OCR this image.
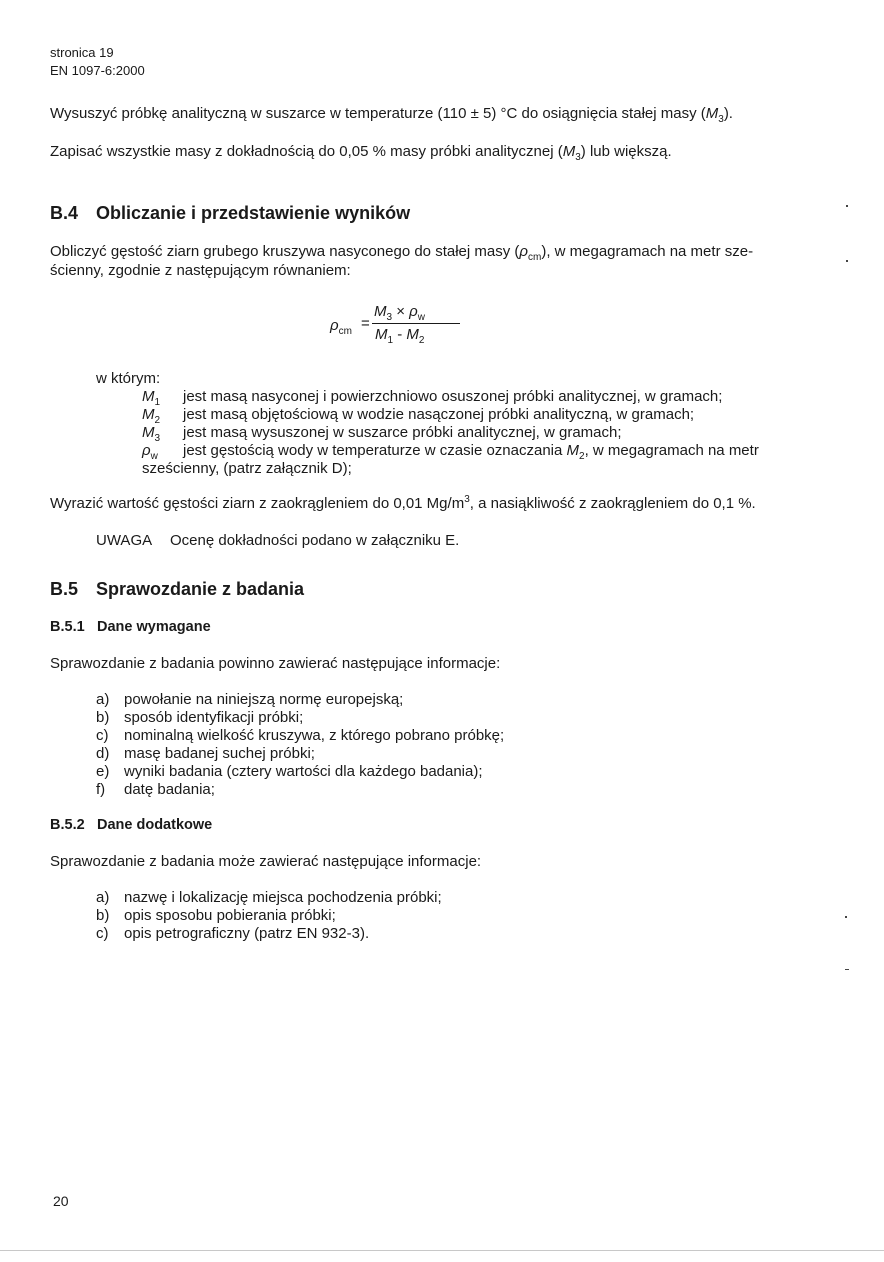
stronica 19
EN 1097-6:2000
Wysuszyć próbkę analityczną w suszarce w temperaturze (110 ± 5) °C do osiągnięcia stałej masy $(M_3)$.
Zapisać wszystkie masy z dokładnością do 0,05 % masy próbki analitycznej $(M_3)$ lub większą.
B.4 Obliczanie i przedstawienie wyników
Obliczyć gęstość ziarn grubego kruszywa nasyconego do stałej masy $(\rho_{cm})$, w megagramach na metr sze-
ścienny, zgodnie z następującym równaniem:
$\rho_{cm}$ =
$M_3 \times \rho_w$
$M_1 - M_2$
w którym:
$M_1$ jest masą nasyconej i powierzchniowo osuszonej próbki analitycznej, w gramach;
$M_2$ jest masą objętościową w wodzie nasączonej próbki analityczną, w gramach;
$M_3$ jest masą wysuszonej w suszarce próbki analitycznej, w gramach;
$\rho_w$ jest gęstością wody w temperaturze w czasie oznaczania $M_2$, w megagramach na metr
sześcienny, (patrz załącznik D);
Wyrazić wartość gęstości ziarn z zaokrągleniem do 0,01 $Mg/m^3$, a nasiąkliwość z zaokrągleniem do 0,1 %.
UWAGA Ocenę dokładności podano w załączniku E.
B.5 Sprawozdanie z badania
B.5.1 Dane wymagane
Sprawozdanie z badania powinno zawierać następujące informacje:
a) powołanie na niniejszą normę europejską;
b) sposób identyfikacji próbki;
c) nominalną wielkość kruszywa, z którego pobrano próbkę;
d) masę badanej suchej próbki;
e) wyniki badania (cztery wartości dla każdego badania);
f) datę badania;
B.5.2 Dane dodatkowe
Sprawozdanie z badania może zawierać następujące informacje:
a) nazwę i lokalizację miejsca pochodzenia próbki;
b) opis sposobu pobierania próbki;
c) opis petrograficzny (patrz EN 932-3).
20
